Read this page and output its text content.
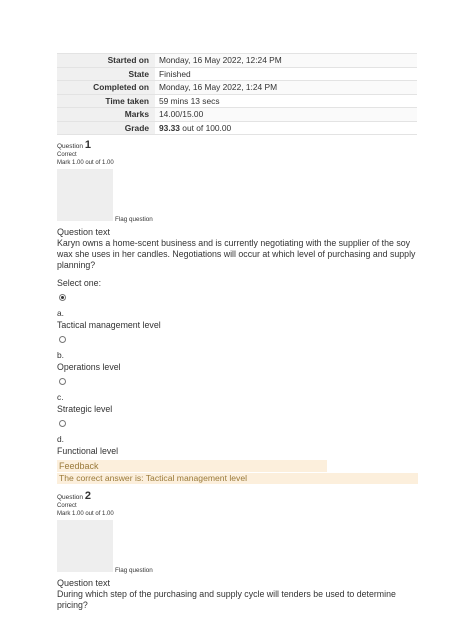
Started on	Monday, 16 May 2022, 12:24 PM
State	Finished
Completed on	Monday, 16 May 2022, 1:24 PM
Time taken	59 mins 13 secs
Marks	14.00/15.00
Grade	93.33 out of 100.00
Question 1
Correct
Mark 1.00 out of 1.00
Flag question
Question text
Karyn owns a home-scent business and is currently negotiating with the supplier of the soy wax she uses in her candles. Negotiations will occur at which level of purchasing and supply planning?
Select one:
a.
Tactical management level
b.
Operations level
c.
Strategic level
d.
Functional level
Feedback
The correct answer is: Tactical management level
Question 2
Correct
Mark 1.00 out of 1.00
Flag question
Question text
During which step of the purchasing and supply cycle will tenders be used to determine pricing?
